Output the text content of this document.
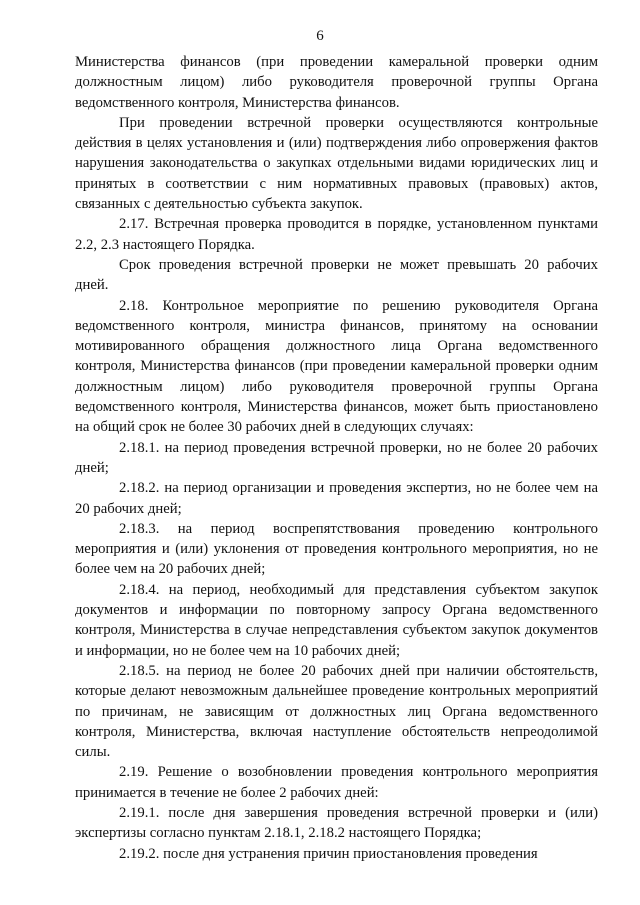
6

Министерства финансов (при проведении камеральной проверки одним должностным лицом) либо руководителя проверочной группы Органа ведомственного контроля, Министерства финансов.

При проведении встречной проверки осуществляются контрольные действия в целях установления и (или) подтверждения либо опровержения фактов нарушения законодательства о закупках отдельными видами юридических лиц и принятых в соответствии с ним нормативных правовых (правовых) актов, связанных с деятельностью субъекта закупок.

2.17. Встречная проверка проводится в порядке, установленном пунктами 2.2, 2.3 настоящего Порядка.

Срок проведения встречной проверки не может превышать 20 рабочих дней.

2.18. Контрольное мероприятие по решению руководителя Органа ведомственного контроля, министра финансов, принятому на основании мотивированного обращения должностного лица Органа ведомственного контроля, Министерства финансов (при проведении камеральной проверки одним должностным лицом) либо руководителя проверочной группы Органа ведомственного контроля, Министерства финансов, может быть приостановлено на общий срок не более 30 рабочих дней в следующих случаях:

2.18.1. на период проведения встречной проверки, но не более 20 рабочих дней;

2.18.2. на период организации и проведения экспертиз, но не более чем на 20 рабочих дней;

2.18.3. на период воспрепятствования проведению контрольного мероприятия и (или) уклонения от проведения контрольного мероприятия, но не более чем на 20 рабочих дней;

2.18.4. на период, необходимый для представления субъектом закупок документов и информации по повторному запросу Органа ведомственного контроля, Министерства в случае непредставления субъектом закупок документов и информации, но не более чем на 10 рабочих дней;

2.18.5. на период не более 20 рабочих дней при наличии обстоятельств, которые делают невозможным дальнейшее проведение контрольных мероприятий по причинам, не зависящим от должностных лиц Органа ведомственного контроля, Министерства, включая наступление обстоятельств непреодолимой силы.

2.19. Решение о возобновлении проведения контрольного мероприятия принимается в течение не более 2 рабочих дней:

2.19.1. после дня завершения проведения встречной проверки и (или) экспертизы согласно пунктам 2.18.1, 2.18.2 настоящего Порядка;

2.19.2. после дня устранения причин приостановления проведения
